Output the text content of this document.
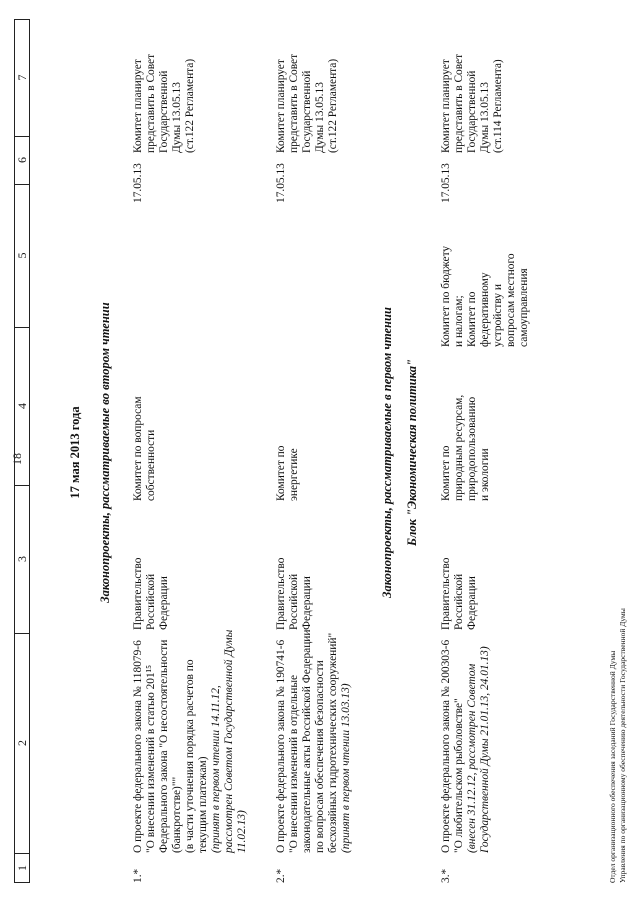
18
1
2
3
4
5
6
7
17 мая 2013 года Законопроекты, рассматриваемые во втором чтении
1.*
О проекте федерального закона № 118079-6
"О внесении изменений в статью 201¹⁵
Федерального закона "О несостоятельности
(банкротстве)""
(в части уточнения порядка расчетов по
текущим платежам)
(принят в первом чтении 14.11.12,
рассмотрен Советом Государственной Думы
11.02.13)
Правительство
Российской
Федерации
Комитет по вопросам
собственности
17.05.13
Комитет планирует
представить в Совет
Государственной
Думы 13.05.13
(ст.122 Регламента)
2.*
О проекте федерального закона № 190741-6
"О внесении изменений в отдельные
законодательные акты Российской Федерации
по вопросам обеспечения безопасности
бесхозяйных гидротехнических сооружений"
(принят в первом чтении 13.03.13)
Правительство
Российской
Федерации
Комитет по
энергетике
17.05.13
Комитет планирует
представить в Совет
Государственной
Думы 13.05.13
(ст.122 Регламента)
Законопроекты, рассматриваемые в первом чтении Блок "Экономическая политика"
3.*
О проекте федерального закона № 200303-6
"О любительском рыболовстве"
(внесен 31.12.12, рассмотрен Советом
Государственной Думы 21.01.13, 24.01.13)
Правительство
Российской
Федерации
Комитет по
природным ресурсам,
природопользованию
и экологии
Комитет по бюджету
и налогам;
Комитет по
федеративному
устройству и
вопросам местного
самоуправления
17.05.13
Комитет планирует
представить в Совет
Государственной
Думы 13.05.13
(ст.114 Регламента)
Отдел организационного обеспечения заседаний Государственной Думы Управления по организационному обеспечению деятельности Государственной Думы
